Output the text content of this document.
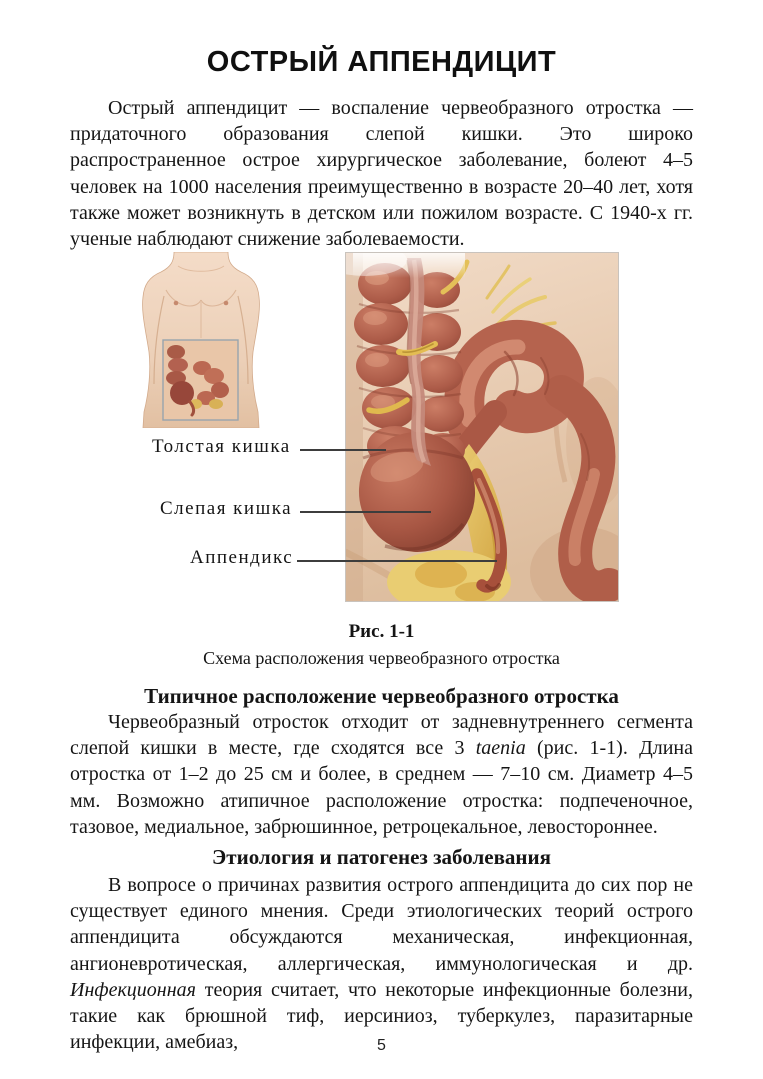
ОСТРЫЙ АППЕНДИЦИТ

Острый аппендицит — воспаление червеобразного отростка — придаточного образования слепой кишки. Это широко распространенное острое хирургическое заболевание, болеют 4–5 человек на 1000 населения преимущественно в возрасте 20–40 лет, хотя также может возникнуть в детском или пожилом возрасте. С 1940-х гг. ученые наблюдают снижение заболеваемости.

Толстая кишка
Слепая кишка
Аппендикс
Рис. 1-1
Схема расположения червеобразного отростка
Типичное расположение червеобразного отростка

Червеобразный отросток отходит от задневнутреннего сегмента слепой кишки в месте, где сходятся все 3 taenia (рис. 1-1). Длина отростка от 1–2 до 25 см и более, в среднем — 7–10 см. Диаметр 4–5 мм. Возможно атипичное расположение отростка: подпеченочное, тазовое, медиальное, забрюшинное, ретроцекальное, левостороннее.

Этиология и патогенез заболевания

В вопросе о причинах развития острого аппендицита до сих пор не существует единого мнения. Среди этиологических теорий острого аппендицита обсуждаются механическая, инфекционная, ангионевротическая, аллергическая, иммунологическая и др. Инфекционная теория считает, что некоторые инфекционные болезни, такие как брюшной тиф, иерсиниоз, туберкулез, паразитарные инфекции, амебиаз,	5
